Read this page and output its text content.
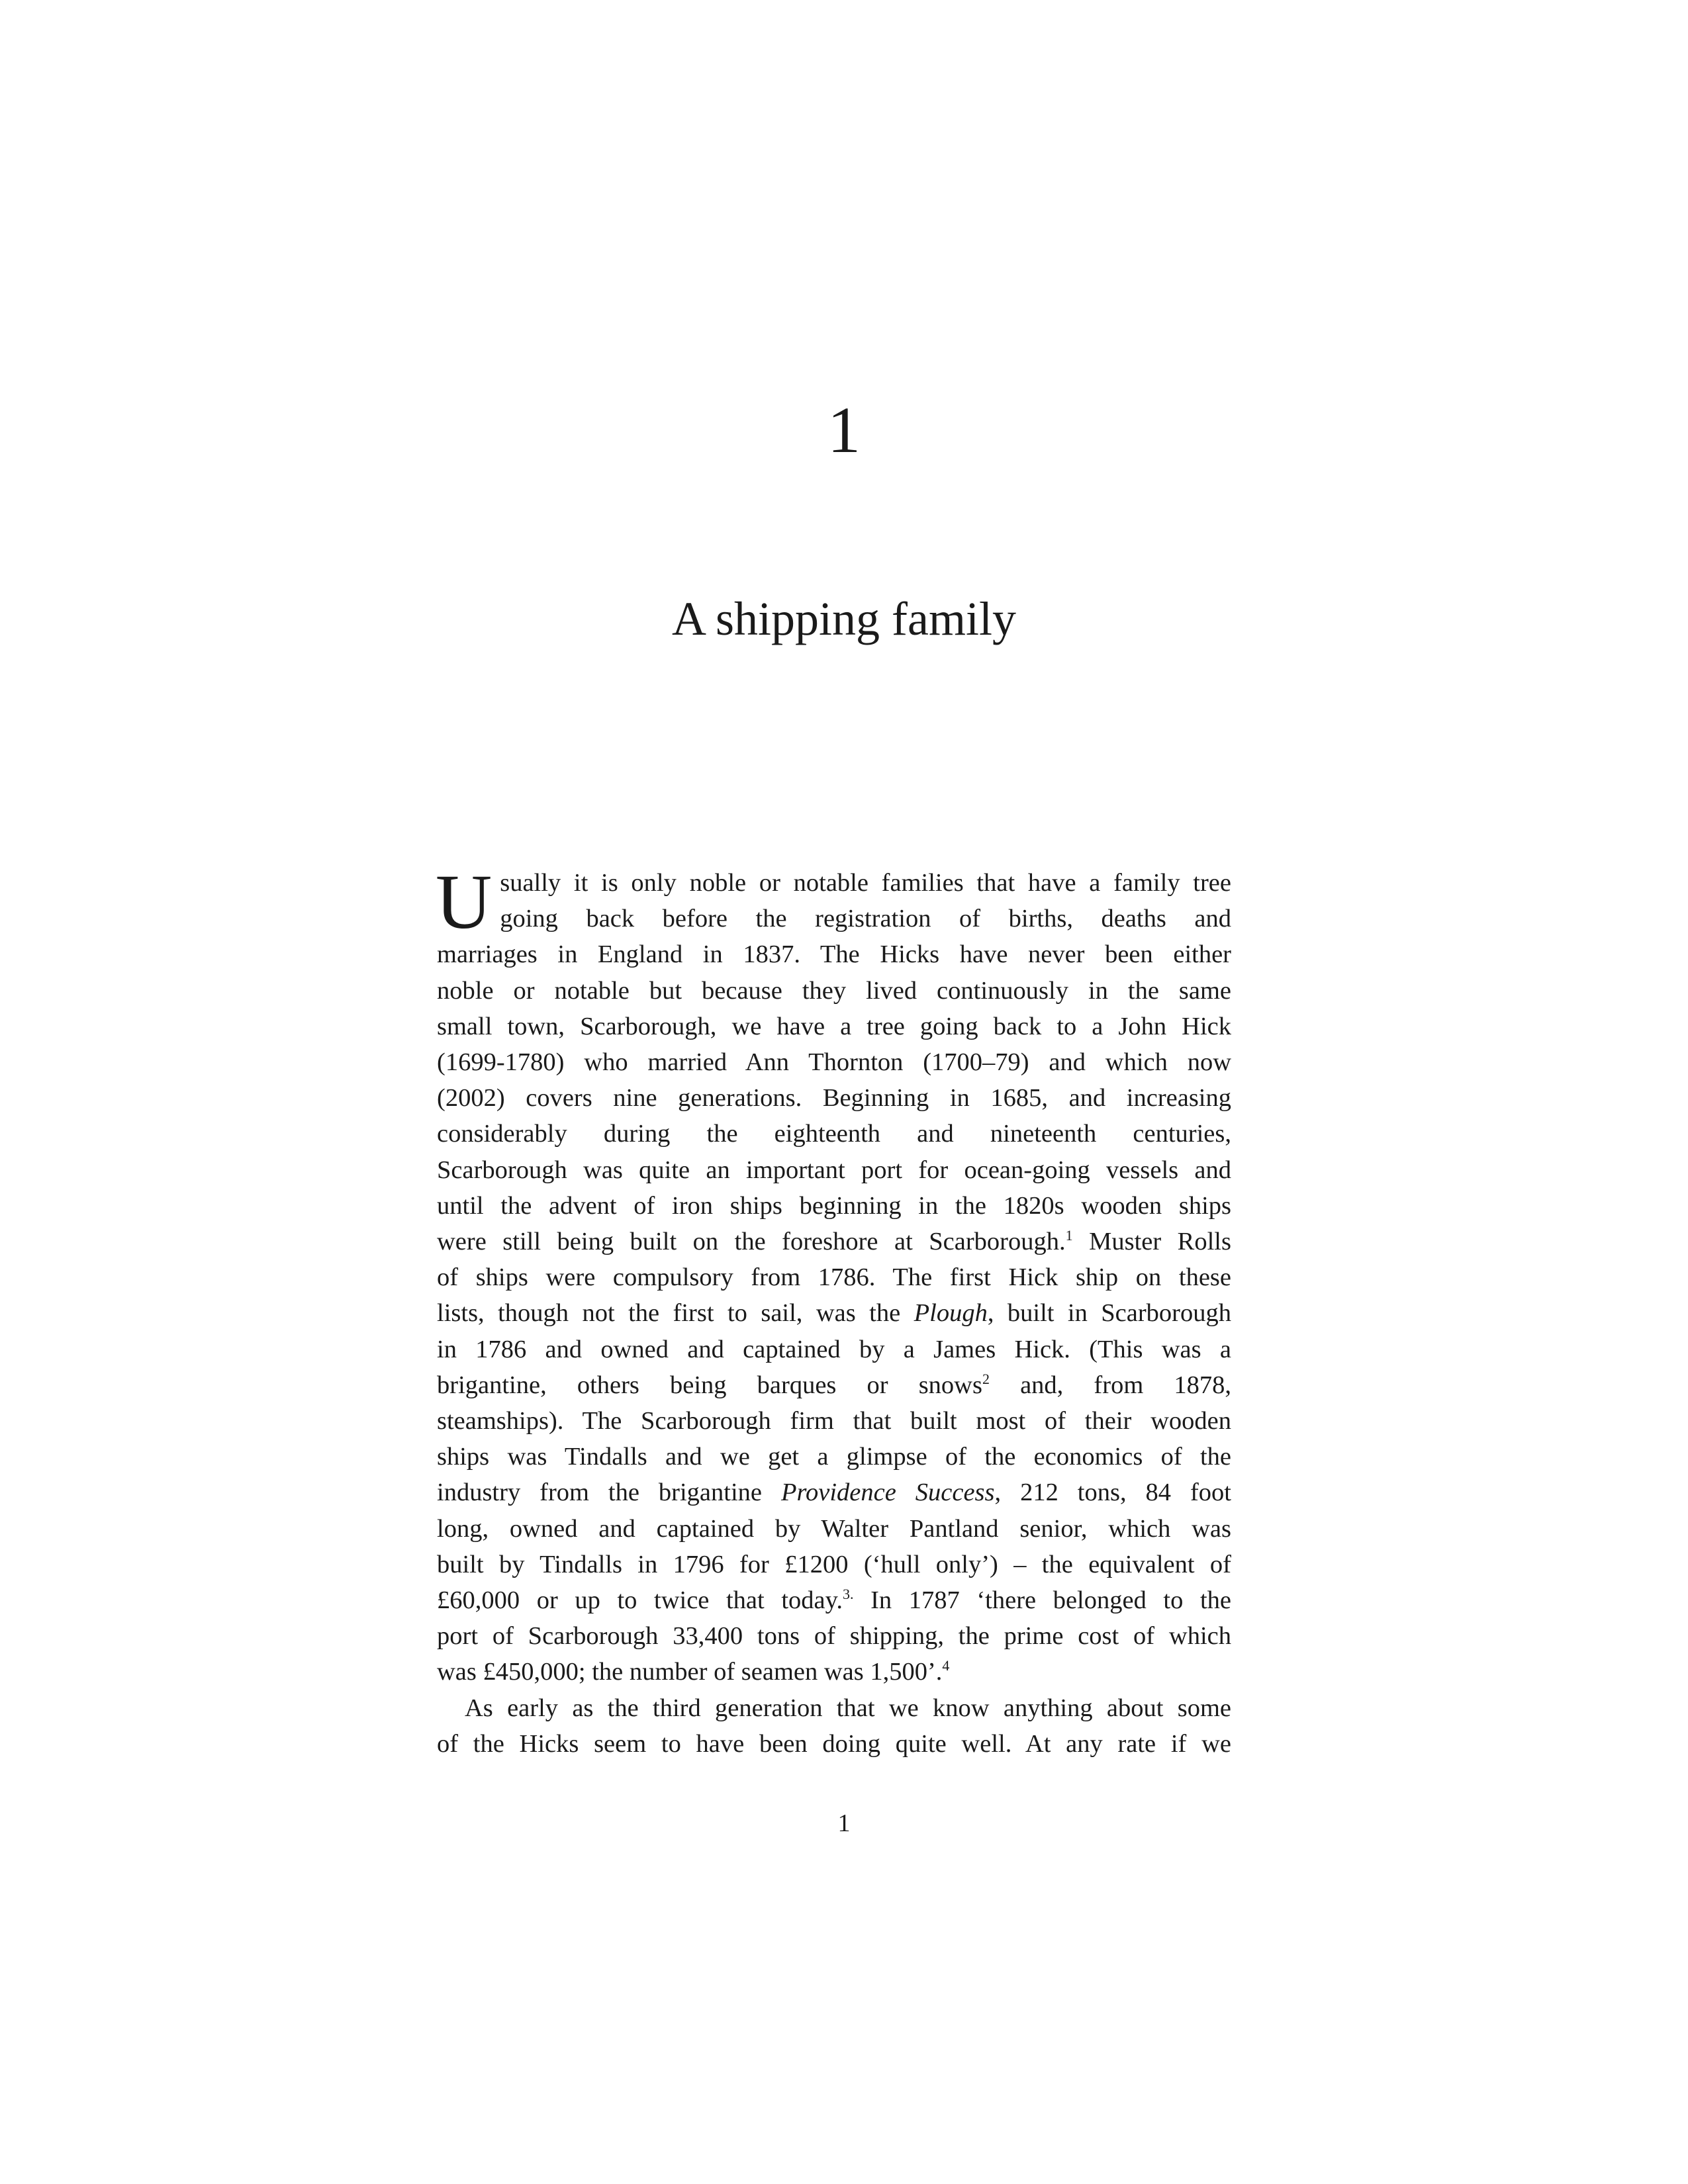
1
A shipping family
U sually it is only noble or notable families that have a family tree
going back before the registration of births, deaths and
marriages in England in 1837. The Hicks have never been either
noble or notable but because they lived continuously in the same
small town, Scarborough, we have a tree going back to a John Hick
(1699-1780) who married Ann Thornton (1700–79) and which now
(2002) covers nine generations. Beginning in 1685, and increasing
considerably during the eighteenth and nineteenth centuries,
Scarborough was quite an important port for ocean-going vessels and
until the advent of iron ships beginning in the 1820s wooden ships
were still being built on the foreshore at Scarborough.$^1$ Muster Rolls
of ships were compulsory from 1786. The first Hick ship on these
lists, though not the first to sail, was the Plough, built in Scarborough
in 1786 and owned and captained by a James Hick. (This was a
brigantine, others being barques or snows$^2$ and, from 1878,
steamships). The Scarborough firm that built most of their wooden
ships was Tindalls and we get a glimpse of the economics of the
industry from the brigantine Providence Success, 212 tons, 84 foot
long, owned and captained by Walter Pantland senior, which was
built by Tindalls in 1796 for £1200 (‘hull only’) – the equivalent of
£60,000 or up to twice that today.$^{3.}$ In 1787 ‘there belonged to the
port of Scarborough 33,400 tons of shipping, the prime cost of which
was £450,000; the number of seamen was 1,500’.$^4$
As early as the third generation that we know anything about some
of the Hicks seem to have been doing quite well. At any rate if we
1
